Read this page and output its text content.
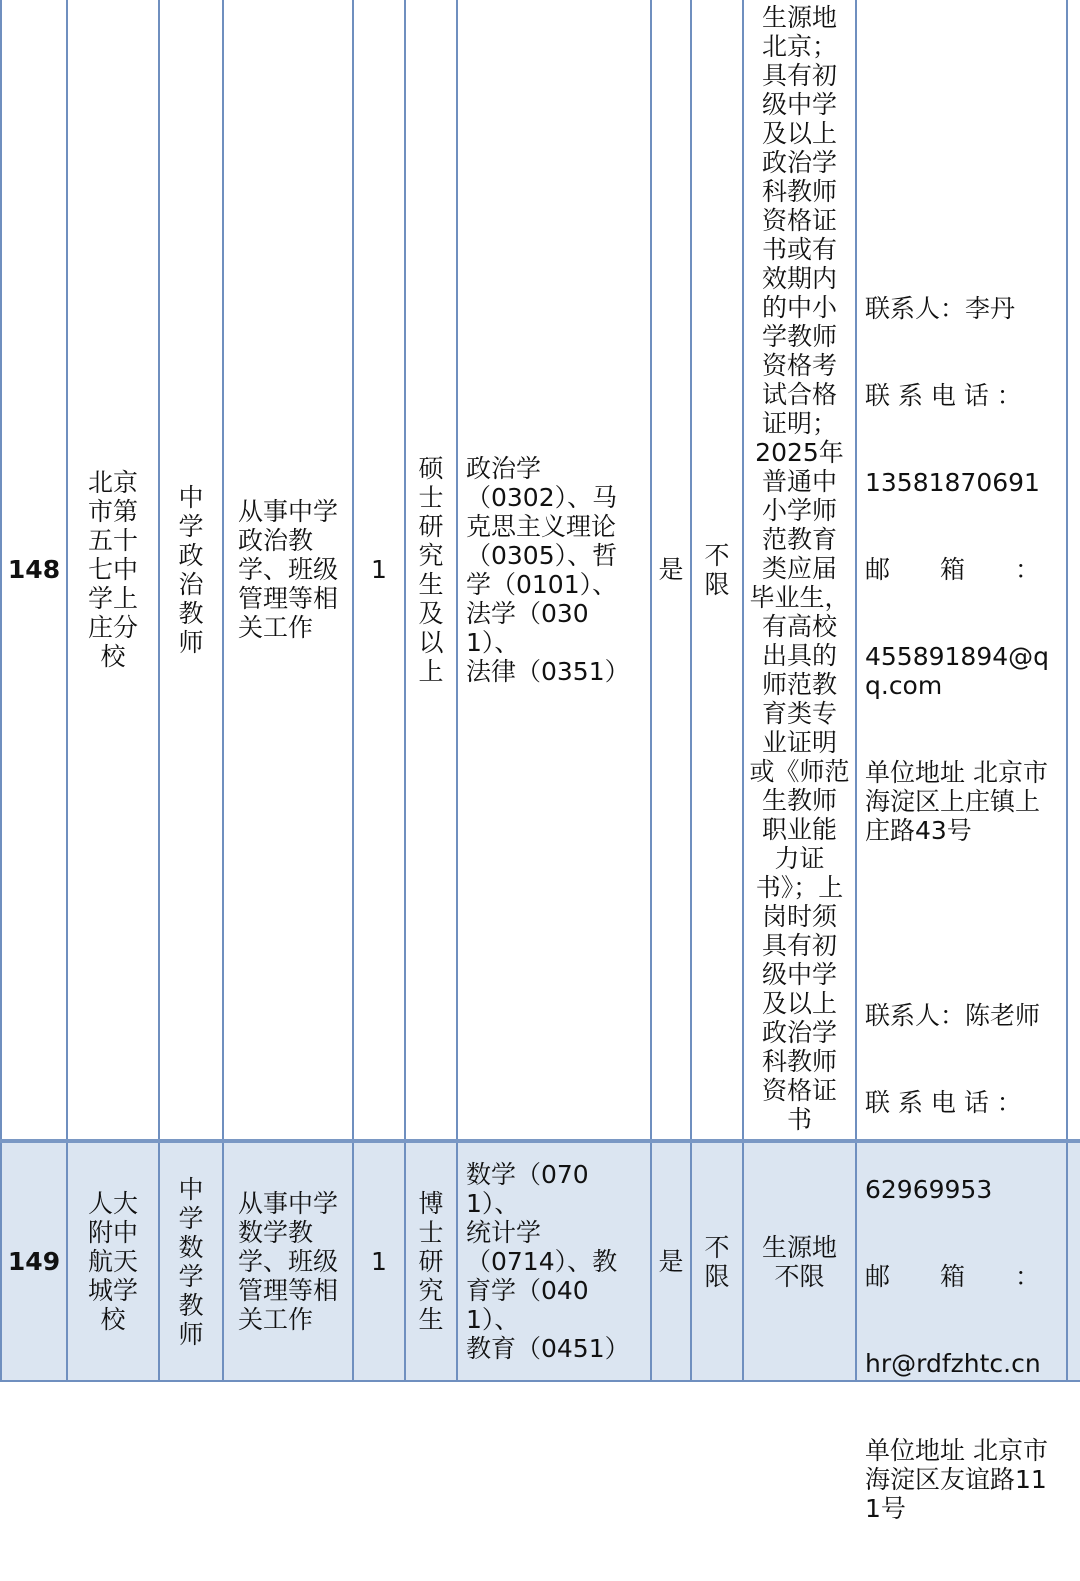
148
北京
市第
五十
七中
学上
庄分
校
中
学
政
治
教
师
从事中学
政治教
学、班级
管理等相
关工作
1
硕
士
研
究
生
及
以
上
政治学
（0302）、马
克思主义理论
（0305）、哲
学（0101）、
法学（0301）、
法律（0351）
是 不
限
生源地
北京；
具有初
级中学
及以上
政治学
科教师
资格证
书或有
效期内
的中小
学教师
资格考
试合格
证明；
2025年
普通中
小学师
范教育
类应届
毕业生，
有高校
出具的
师范教
育类专
业证明
或《师范
生教师
职业能
力证
书》；上
岗时须
具有初
级中学
及以上
政治学
科教师
资格证
书

联系人：李丹

联 系 电 话 ：

13581870691

邮　　箱　　：

455891894@qq.com

单位地址 北京市海淀区上庄镇上庄路43号

149
人大
附中
航天
城学
校
中
学
数
学
教
师
从事中学
数学教
学、班级
管理等相
关工作
1
博
士
研
究
生
数学（0701）、
统计学
（0714）、教
育学（0401）、
教育（0451）
是 不
限
生源地
不限

联系人：陈老师

联 系 电 话 ：

62969953

邮　　箱　　：

hr@rdfzhtc.cn

单位地址 北京市海淀区友谊路111号
